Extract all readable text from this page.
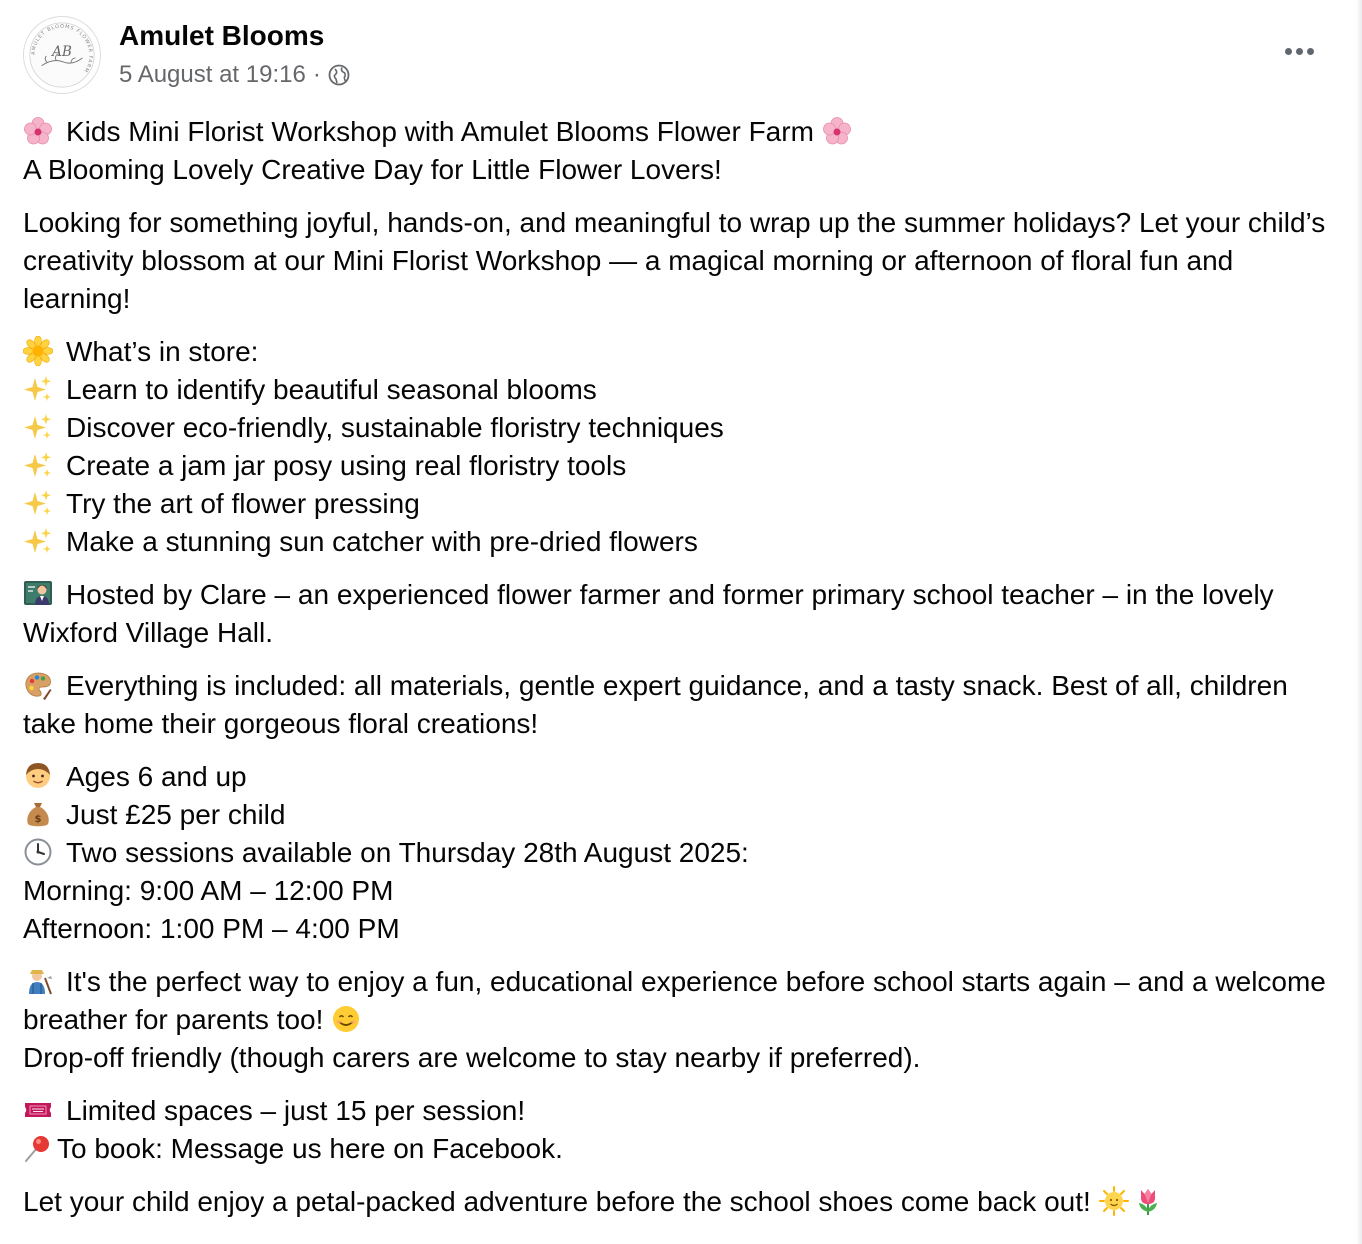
AMULET BLOOMS FLOWER FARM
AB
Amulet Blooms
5 August at 19:16 ·

Kids Mini Florist Workshop with Amulet Blooms Flower Farm
A Blooming Lovely Creative Day for Little Flower Lovers!

Looking for something joyful, hands-on, and meaningful to wrap up the summer holidays? Let your child’s creativity blossom at our Mini Florist Workshop — a magical morning or afternoon of floral fun and learning!

What’s in store:
Learn to identify beautiful seasonal blooms
Discover eco-friendly, sustainable floristry techniques
Create a jam jar posy using real floristry tools
Try the art of flower pressing
Make a stunning sun catcher with pre-dried flowers

Hosted by Clare – an experienced flower farmer and former primary school teacher – in the lovely Wixford Village Hall.

Everything is included: all materials, gentle expert guidance, and a tasty snack. Best of all, children take home their gorgeous floral creations!

Ages 6 and up
Just £25 per child
Two sessions available on Thursday 28th August 2025:
Morning: 9:00 AM – 12:00 PM
Afternoon: 1:00 PM – 4:00 PM

It's the perfect way to enjoy a fun, educational experience before school starts again – and a welcome breather for parents too!
Drop-off friendly (though carers are welcome to stay nearby if preferred).

Limited spaces – just 15 per session!
To book: Message us here on Facebook.

Let your child enjoy a petal-packed adventure before the school shoes come back out!
